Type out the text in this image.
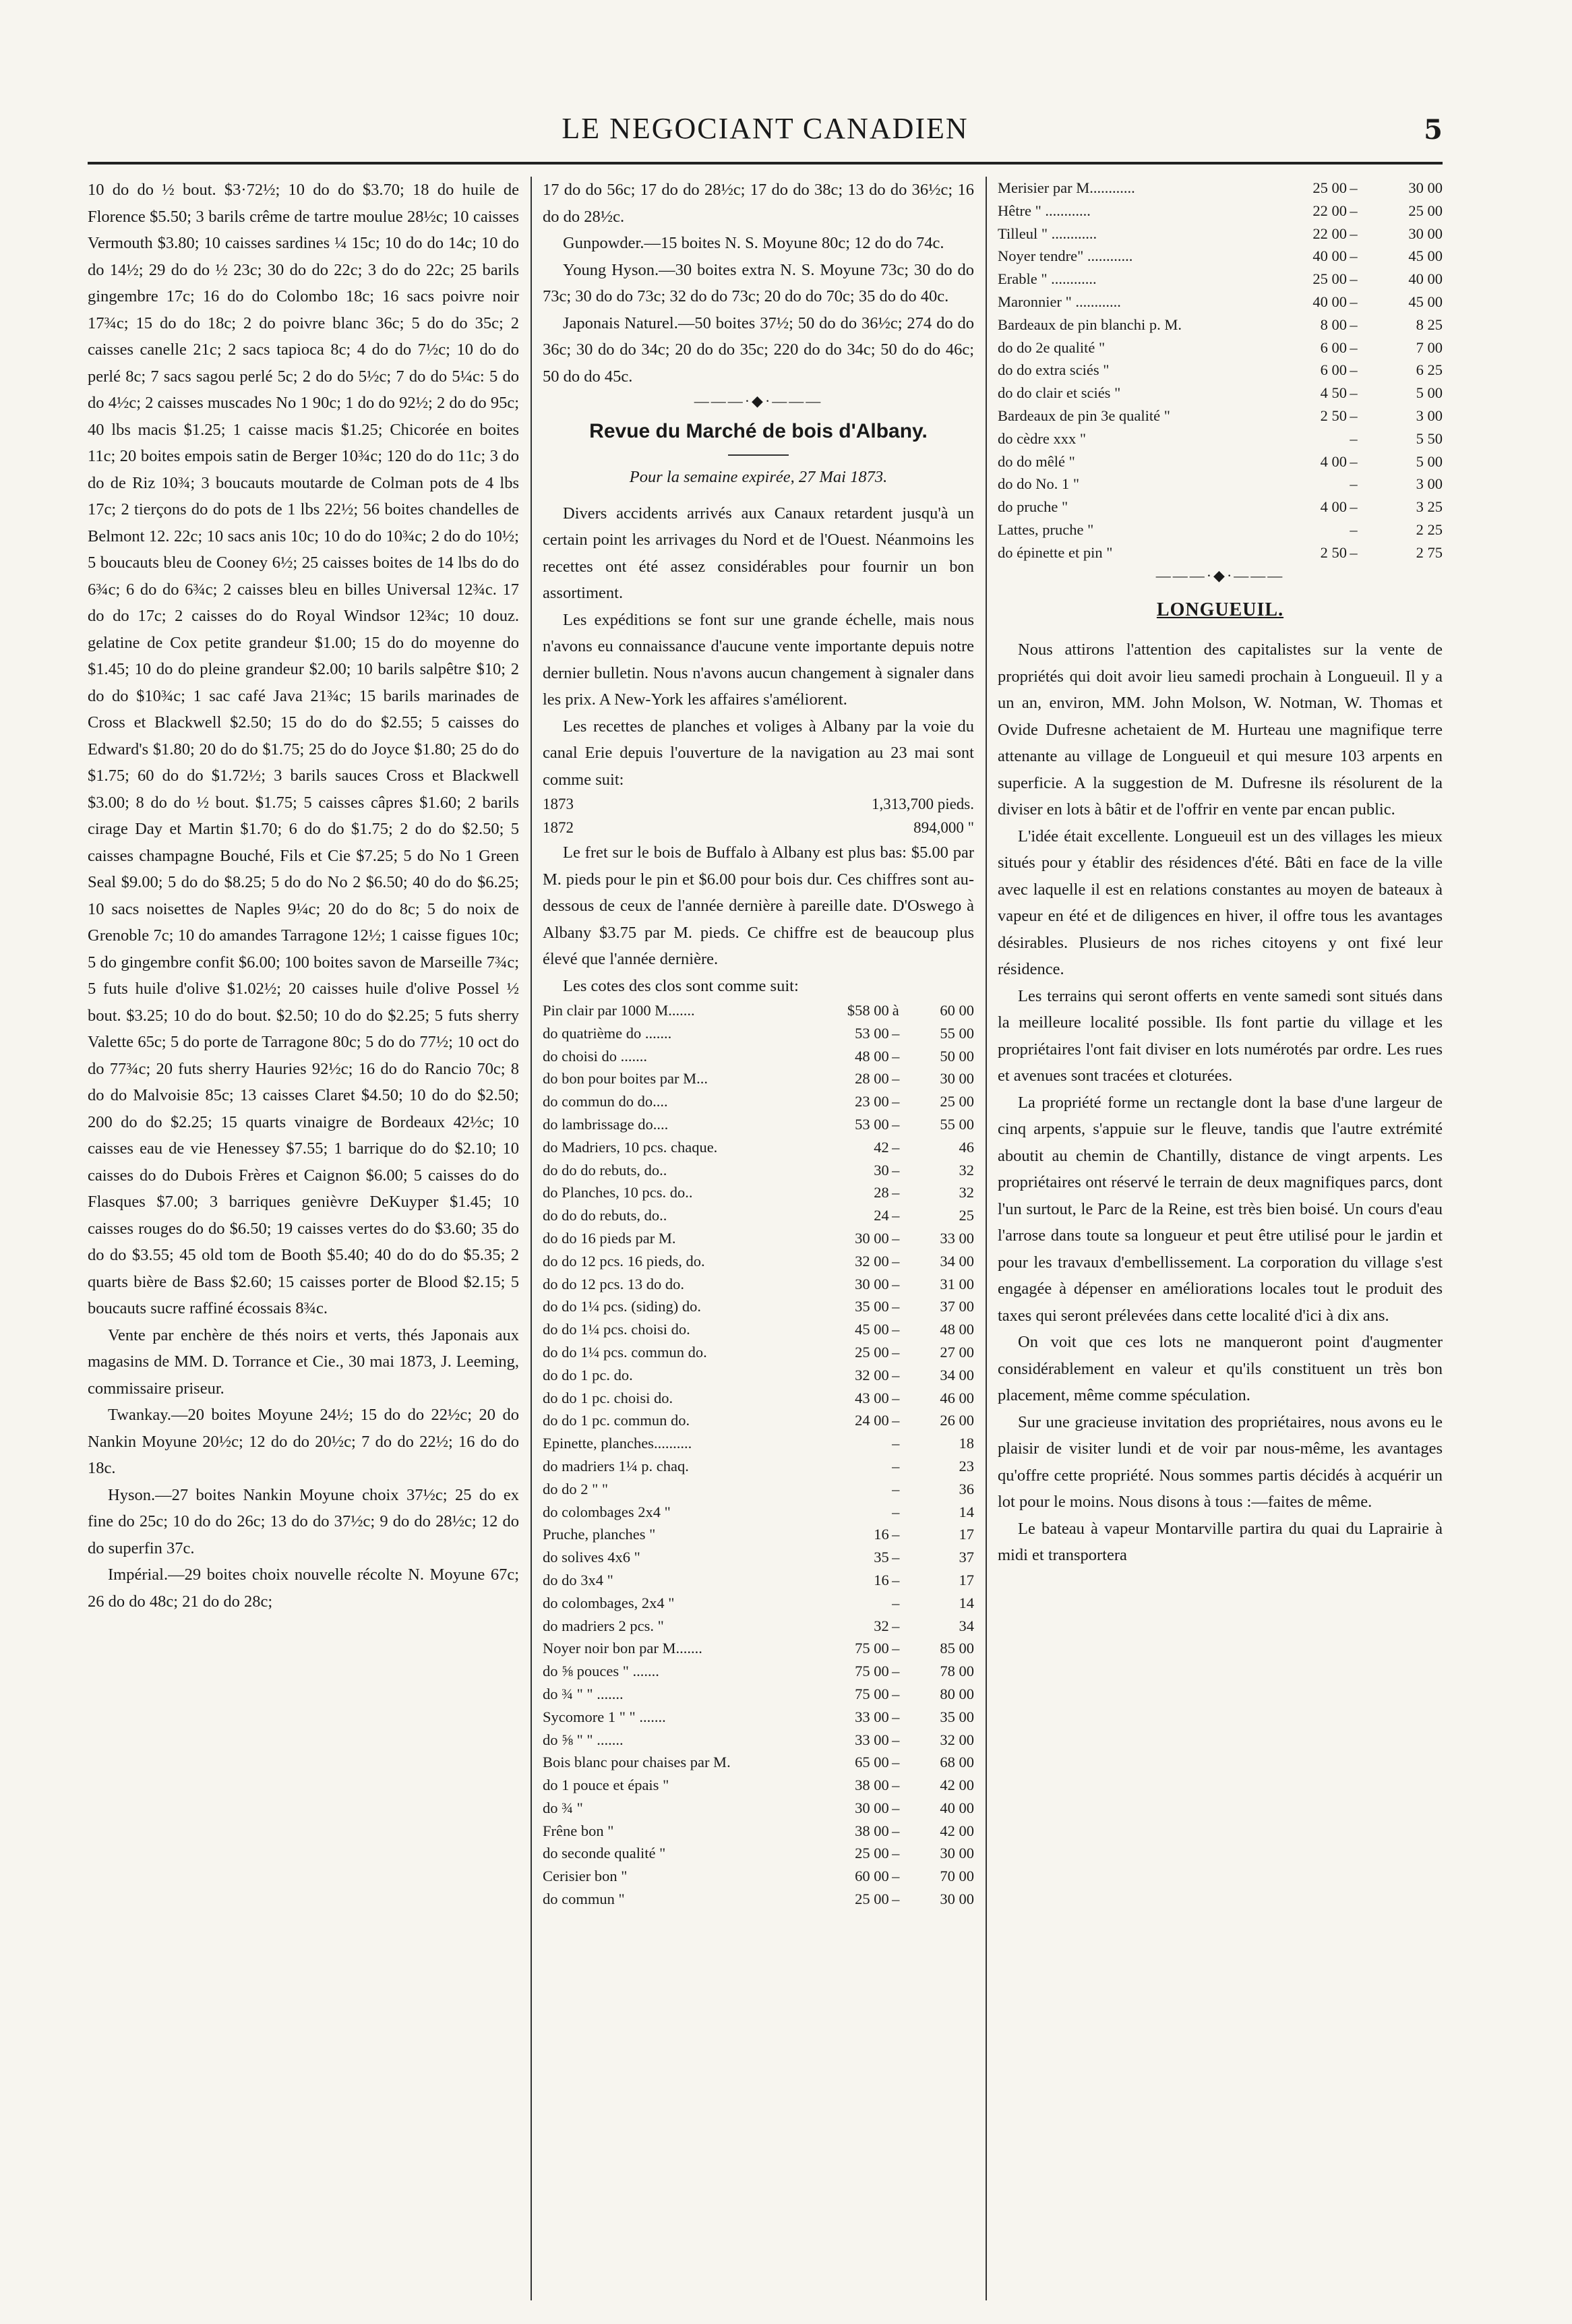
LE NEGOCIANT CANADIEN	5

10 do do ½ bout. $3·72½; 10 do do $3.70; 18 do huile de Florence $5.50; 3 barils crême de tartre moulue 28½c; 10 caisses Vermouth $3.80; 10 caisses sardines ¼ 15c; 10 do do 14c; 10 do do 14½; 29 do do ½ 23c; 30 do do 22c; 3 do do 22c; 25 barils gingembre 17c; 16 do do Colombo 18c; 16 sacs poivre noir 17¾c; 15 do do 18c; 2 do poivre blanc 36c; 5 do do 35c; 2 caisses canelle 21c; 2 sacs tapioca 8c; 4 do do 7½c; 10 do do perlé 8c; 7 sacs sagou perlé 5c; 2 do do 5½c; 7 do do 5¼c: 5 do do 4½c; 2 caisses muscades No 1 90c; 1 do do 92½; 2 do do 95c; 40 lbs macis $1.25; 1 caisse macis $1.25; Chicorée en boites 11c; 20 boites empois satin de Berger 10¾c; 120 do do 11c; 3 do do de Riz 10¾; 3 boucauts moutarde de Colman pots de 4 lbs 17c; 2 tierçons do do pots de 1 lbs 22½; 56 boites chandelles de Belmont 12. 22c; 10 sacs anis 10c; 10 do do 10¾c; 2 do do 10½; 5 boucauts bleu de Cooney 6½; 25 caisses boites de 14 lbs do do 6¾c; 6 do do 6¾c; 2 caisses bleu en billes Universal 12¾c. 17 do do 17c; 2 caisses do do Royal Windsor 12¾c; 10 douz. gelatine de Cox petite grandeur $1.00; 15 do do moyenne do $1.45; 10 do do pleine grandeur $2.00; 10 barils salpêtre $10; 2 do do $10¾c; 1 sac café Java 21¾c; 15 barils marinades de Cross et Blackwell $2.50; 15 do do do $2.55; 5 caisses do Edward's $1.80; 20 do do $1.75; 25 do do Joyce $1.80; 25 do do $1.75; 60 do do $1.72½; 3 barils sauces Cross et Blackwell $3.00; 8 do do ½ bout. $1.75; 5 caisses câpres $1.60; 2 barils cirage Day et Martin $1.70; 6 do do $1.75; 2 do do $2.50; 5 caisses champagne Bouché, Fils et Cie $7.25; 5 do No 1 Green Seal $9.00; 5 do do $8.25; 5 do do No 2 $6.50; 40 do do $6.25; 10 sacs noisettes de Naples 9¼c; 20 do do 8c; 5 do noix de Grenoble 7c; 10 do amandes Tarragone 12½; 1 caisse figues 10c; 5 do gingembre confit $6.00; 100 boites savon de Marseille 7¾c; 5 futs huile d'olive $1.02½; 20 caisses huile d'olive Possel ½ bout. $3.25; 10 do do bout. $2.50; 10 do do $2.25; 5 futs sherry Valette 65c; 5 do porte de Tarragone 80c; 5 do do 77½; 10 oct do do 77¾c; 20 futs sherry Hauries 92½c; 16 do do Rancio 70c; 8 do do Malvoisie 85c; 13 caisses Claret $4.50; 10 do do $2.50; 200 do do $2.25; 15 quarts vinaigre de Bordeaux 42½c; 10 caisses eau de vie Henessey $7.55; 1 barrique do do $2.10; 10 caisses do do Dubois Frères et Caignon $6.00; 5 caisses do do Flasques $7.00; 3 barriques genièvre DeKuyper $1.45; 10 caisses rouges do do $6.50; 19 caisses vertes do do $3.60; 35 do do do $3.55; 45 old tom de Booth $5.40; 40 do do do $5.35; 2 quarts bière de Bass $2.60; 15 caisses porter de Blood $2.15; 5 boucauts sucre raffiné écossais 8¾c.

Vente par enchère de thés noirs et verts, thés Japonais aux magasins de MM. D. Torrance et Cie., 30 mai 1873, J. Leeming, commissaire priseur.

Twankay.—20 boites Moyune 24½; 15 do do 22½c; 20 do Nankin Moyune 20½c; 12 do do 20½c; 7 do do 22½; 16 do do 18c.

Hyson.—27 boites Nankin Moyune choix 37½c; 25 do ex fine do 25c; 10 do do 26c; 13 do do 37½c; 9 do do 28½c; 12 do do superfin 37c.

Impérial.—29 boites choix nouvelle récolte N. Moyune 67c; 26 do do 48c; 21 do do 28c;

17 do do 56c; 17 do do 28½c; 17 do do 38c; 13 do do 36½c; 16 do do 28½c.

Gunpowder.—15 boites N. S. Moyune 80c; 12 do do 74c.

Young Hyson.—30 boites extra N. S. Moyune 73c; 30 do do 73c; 30 do do 73c; 32 do do 73c; 20 do do 70c; 35 do do 40c.

Japonais Naturel.—50 boites 37½; 50 do do 36½c; 274 do do 36c; 30 do do 34c; 20 do do 35c; 220 do do 34c; 50 do do 46c; 50 do do 45c.

———·◆·———
Revue du Marché de bois d'Albany.
Pour la semaine expirée, 27 Mai 1873.

Divers accidents arrivés aux Canaux retardent jusqu'à un certain point les arrivages du Nord et de l'Ouest. Néanmoins les recettes ont été assez considérables pour fournir un bon assortiment.

Les expéditions se font sur une grande échelle, mais nous n'avons eu connaissance d'aucune vente importante depuis notre dernier bulletin. Nous n'avons aucun changement à signaler dans les prix. A New-York les affaires s'améliorent.

Les recettes de planches et voliges à Albany par la voie du canal Erie depuis l'ouverture de la navigation au 23 mai sont comme suit:

1873	1,313,700 pieds.
1872	894,000 "

Le fret sur le bois de Buffalo à Albany est plus bas: $5.00 par M. pieds pour le pin et $6.00 pour bois dur. Ces chiffres sont au-dessous de ceux de l'année dernière à pareille date. D'Oswego à Albany $3.75 par M. pieds. Ce chiffre est de beaucoup plus élevé que l'année dernière.

Les cotes des clos sont comme suit:

Pin clair par 1000 M.......	$58 00	à	60 00
do quatrième do .......	53 00	–	55 00
do choisi do .......	48 00	–	50 00
do bon pour boites par M...	28 00	–	30 00
do commun do do....	23 00	–	25 00
do lambrissage do....	53 00	–	55 00
do Madriers, 10 pcs. chaque.	42	–	46
do do do rebuts, do..	30	–	32
do Planches, 10 pcs. do..	28	–	32
do do do rebuts, do..	24	–	25
do do 16 pieds par M.	30 00	–	33 00
do do 12 pcs. 16 pieds, do.	32 00	–	34 00
do do 12 pcs. 13 do do.	30 00	–	31 00
do do 1¼ pcs. (siding) do.	35 00	–	37 00
do do 1¼ pcs. choisi do.	45 00	–	48 00
do do 1¼ pcs. commun do.	25 00	–	27 00
do do 1 pc. do.	32 00	–	34 00
do do 1 pc. choisi do.	43 00	–	46 00
do do 1 pc. commun do.	24 00	–	26 00
Epinette, planches..........		–	18
do madriers 1¼ p. chaq.		–	23
do do 2 " "		–	36
do colombages 2x4 "		–	14
Pruche, planches "	16	–	17
do solives 4x6 "	35	–	37
do do 3x4 "	16	–	17
do colombages, 2x4 "		–	14
do madriers 2 pcs. "	32	–	34
Noyer noir bon par M.......	75 00	–	85 00
do ⅝ pouces " .......	75 00	–	78 00
do ¾ " " .......	75 00	–	80 00
Sycomore 1 " " .......	33 00	–	35 00
do ⅝ " " .......	33 00	–	32 00
Bois blanc pour chaises par M.	65 00	–	68 00
do 1 pouce et épais "	38 00	–	42 00
do ¾ "	30 00	–	40 00
Frêne bon "	38 00	–	42 00
do seconde qualité "	25 00	–	30 00
Cerisier bon "	60 00	–	70 00
do commun "	25 00	–	30 00
Merisier par M............	25 00	–	30 00
Hêtre " ............	22 00	–	25 00
Tilleul " ............	22 00	–	30 00
Noyer tendre" ............	40 00	–	45 00
Erable " ............	25 00	–	40 00
Maronnier " ............	40 00	–	45 00
Bardeaux de pin blanchi p. M.	8 00	–	8 25
do do 2e qualité "	6 00	–	7 00
do do extra sciés "	6 00	–	6 25
do do clair et sciés "	4 50	–	5 00
Bardeaux de pin 3e qualité "	2 50	–	3 00
do cèdre xxx "		–	5 50
do do mêlé "	4 00	–	5 00
do do No. 1 "		–	3 00
do pruche "	4 00	–	3 25
Lattes, pruche "		–	2 25
do épinette et pin "	2 50	–	2 75
———·◆·———
LONGUEUIL.

Nous attirons l'attention des capitalistes sur la vente de propriétés qui doit avoir lieu samedi prochain à Longueuil. Il y a un an, environ, MM. John Molson, W. Notman, W. Thomas et Ovide Dufresne achetaient de M. Hurteau une magnifique terre attenante au village de Longueuil et qui mesure 103 arpents en superficie. A la suggestion de M. Dufresne ils résolurent de la diviser en lots à bâtir et de l'offrir en vente par encan public.

L'idée était excellente. Longueuil est un des villages les mieux situés pour y établir des résidences d'été. Bâti en face de la ville avec laquelle il est en relations constantes au moyen de bateaux à vapeur en été et de diligences en hiver, il offre tous les avantages désirables. Plusieurs de nos riches citoyens y ont fixé leur résidence.

Les terrains qui seront offerts en vente samedi sont situés dans la meilleure localité possible. Ils font partie du village et les propriétaires l'ont fait diviser en lots numérotés par ordre. Les rues et avenues sont tracées et cloturées.

La propriété forme un rectangle dont la base d'une largeur de cinq arpents, s'appuie sur le fleuve, tandis que l'autre extrémité aboutit au chemin de Chantilly, distance de vingt arpents. Les propriétaires ont réservé le terrain de deux magnifiques parcs, dont l'un surtout, le Parc de la Reine, est très bien boisé. Un cours d'eau l'arrose dans toute sa longueur et peut être utilisé pour le jardin et pour les travaux d'embellissement. La corporation du village s'est engagée à dépenser en améliorations locales tout le produit des taxes qui seront prélevées dans cette localité d'ici à dix ans.

On voit que ces lots ne manqueront point d'augmenter considérablement en valeur et qu'ils constituent un très bon placement, même comme spéculation.

Sur une gracieuse invitation des propriétaires, nous avons eu le plaisir de visiter lundi et de voir par nous-même, les avantages qu'offre cette propriété. Nous sommes partis décidés à acquérir un lot pour le moins. Nous disons à tous :—faites de même.

Le bateau à vapeur Montarville partira du quai du Laprairie à midi et transportera
